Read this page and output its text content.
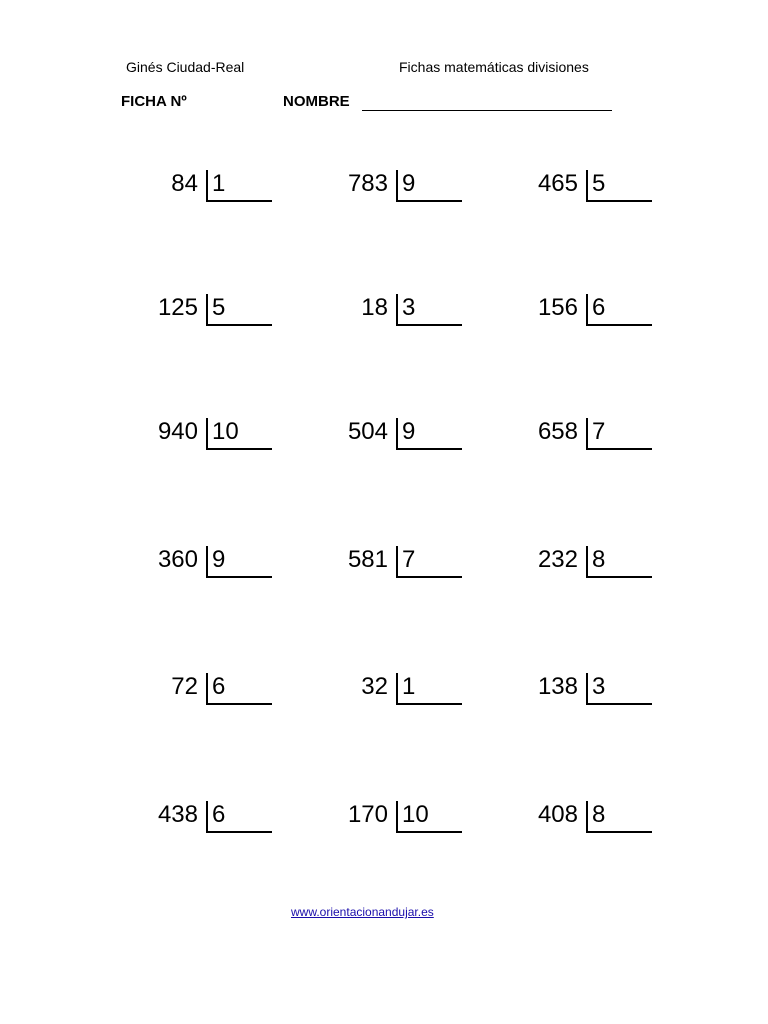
Ginés Ciudad-Real	Fichas matemáticas divisiones
FICHA Nº	NOMBRE
84 1	783 9	465 5
125 5	18 3	156 6
940 10	504 9	658 7
360 9	581 7	232 8
72 6	32 1	138 3
438 6	170 10	408 8
www.orientacionandujar.es
